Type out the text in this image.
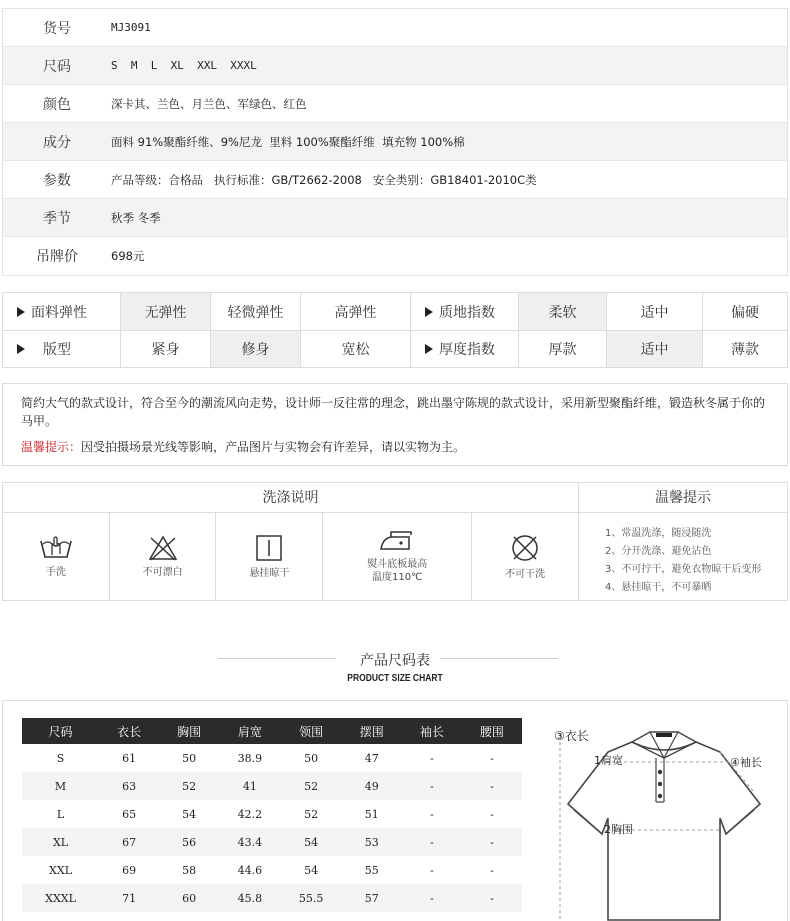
货号	MJ3091
尺码	S  M  L  XL  XXL  XXXL
颜色	深卡其、兰色、月兰色、军绿色、红色
成分	面料 91%聚酯纤维、9%尼龙  里料 100%聚酯纤维  填充物 100%棉
参数	产品等级：合格品   执行标准：GB/T2662-2008   安全类别：GB18401-2010C类
季节	秋季 冬季
吊牌价	698元
面料弹性	无弹性	轻微弹性	高弹性	质地指数	柔软	适中	偏硬
版型	紧身	修身	宽松	厚度指数	厚款	适中	薄款
简约大气的款式设计，符合至今的潮流风向走势，设计师一反往常的理念，跳出墨守陈规的款式设计，采用新型聚酯纤维，锻造秋冬属于你的马甲。
温馨提示：因受拍摄场景光线等影响，产品图片与实物会有许差异，请以实物为主。
洗涤说明	温馨提示
手洗	不可漂白	悬挂晾干
熨斗底板最高
温度110℃	不可干洗
1、常温洗涤，随浸随洗
2、分开洗涤、避免沾色
3、不可拧干，避免衣物晾干后变形
4、悬挂晾干，不可暴晒
产品尺码表
PRODUCT SIZE CHART
尺码	衣长	胸围	肩宽	领围	摆围	袖长	腰围
S	61	50	38.9	50	47	-	-
M	63	52	41	52	49	-	-
L	65	54	42.2	52	51	-	-
XL	67	56	43.4	54	53	-	-
XXL	69	58	44.6	54	55	-	-
XXXL	71	60	45.8	55.5	57	-	-
③衣长
1肩宽	④袖长
2胸围
